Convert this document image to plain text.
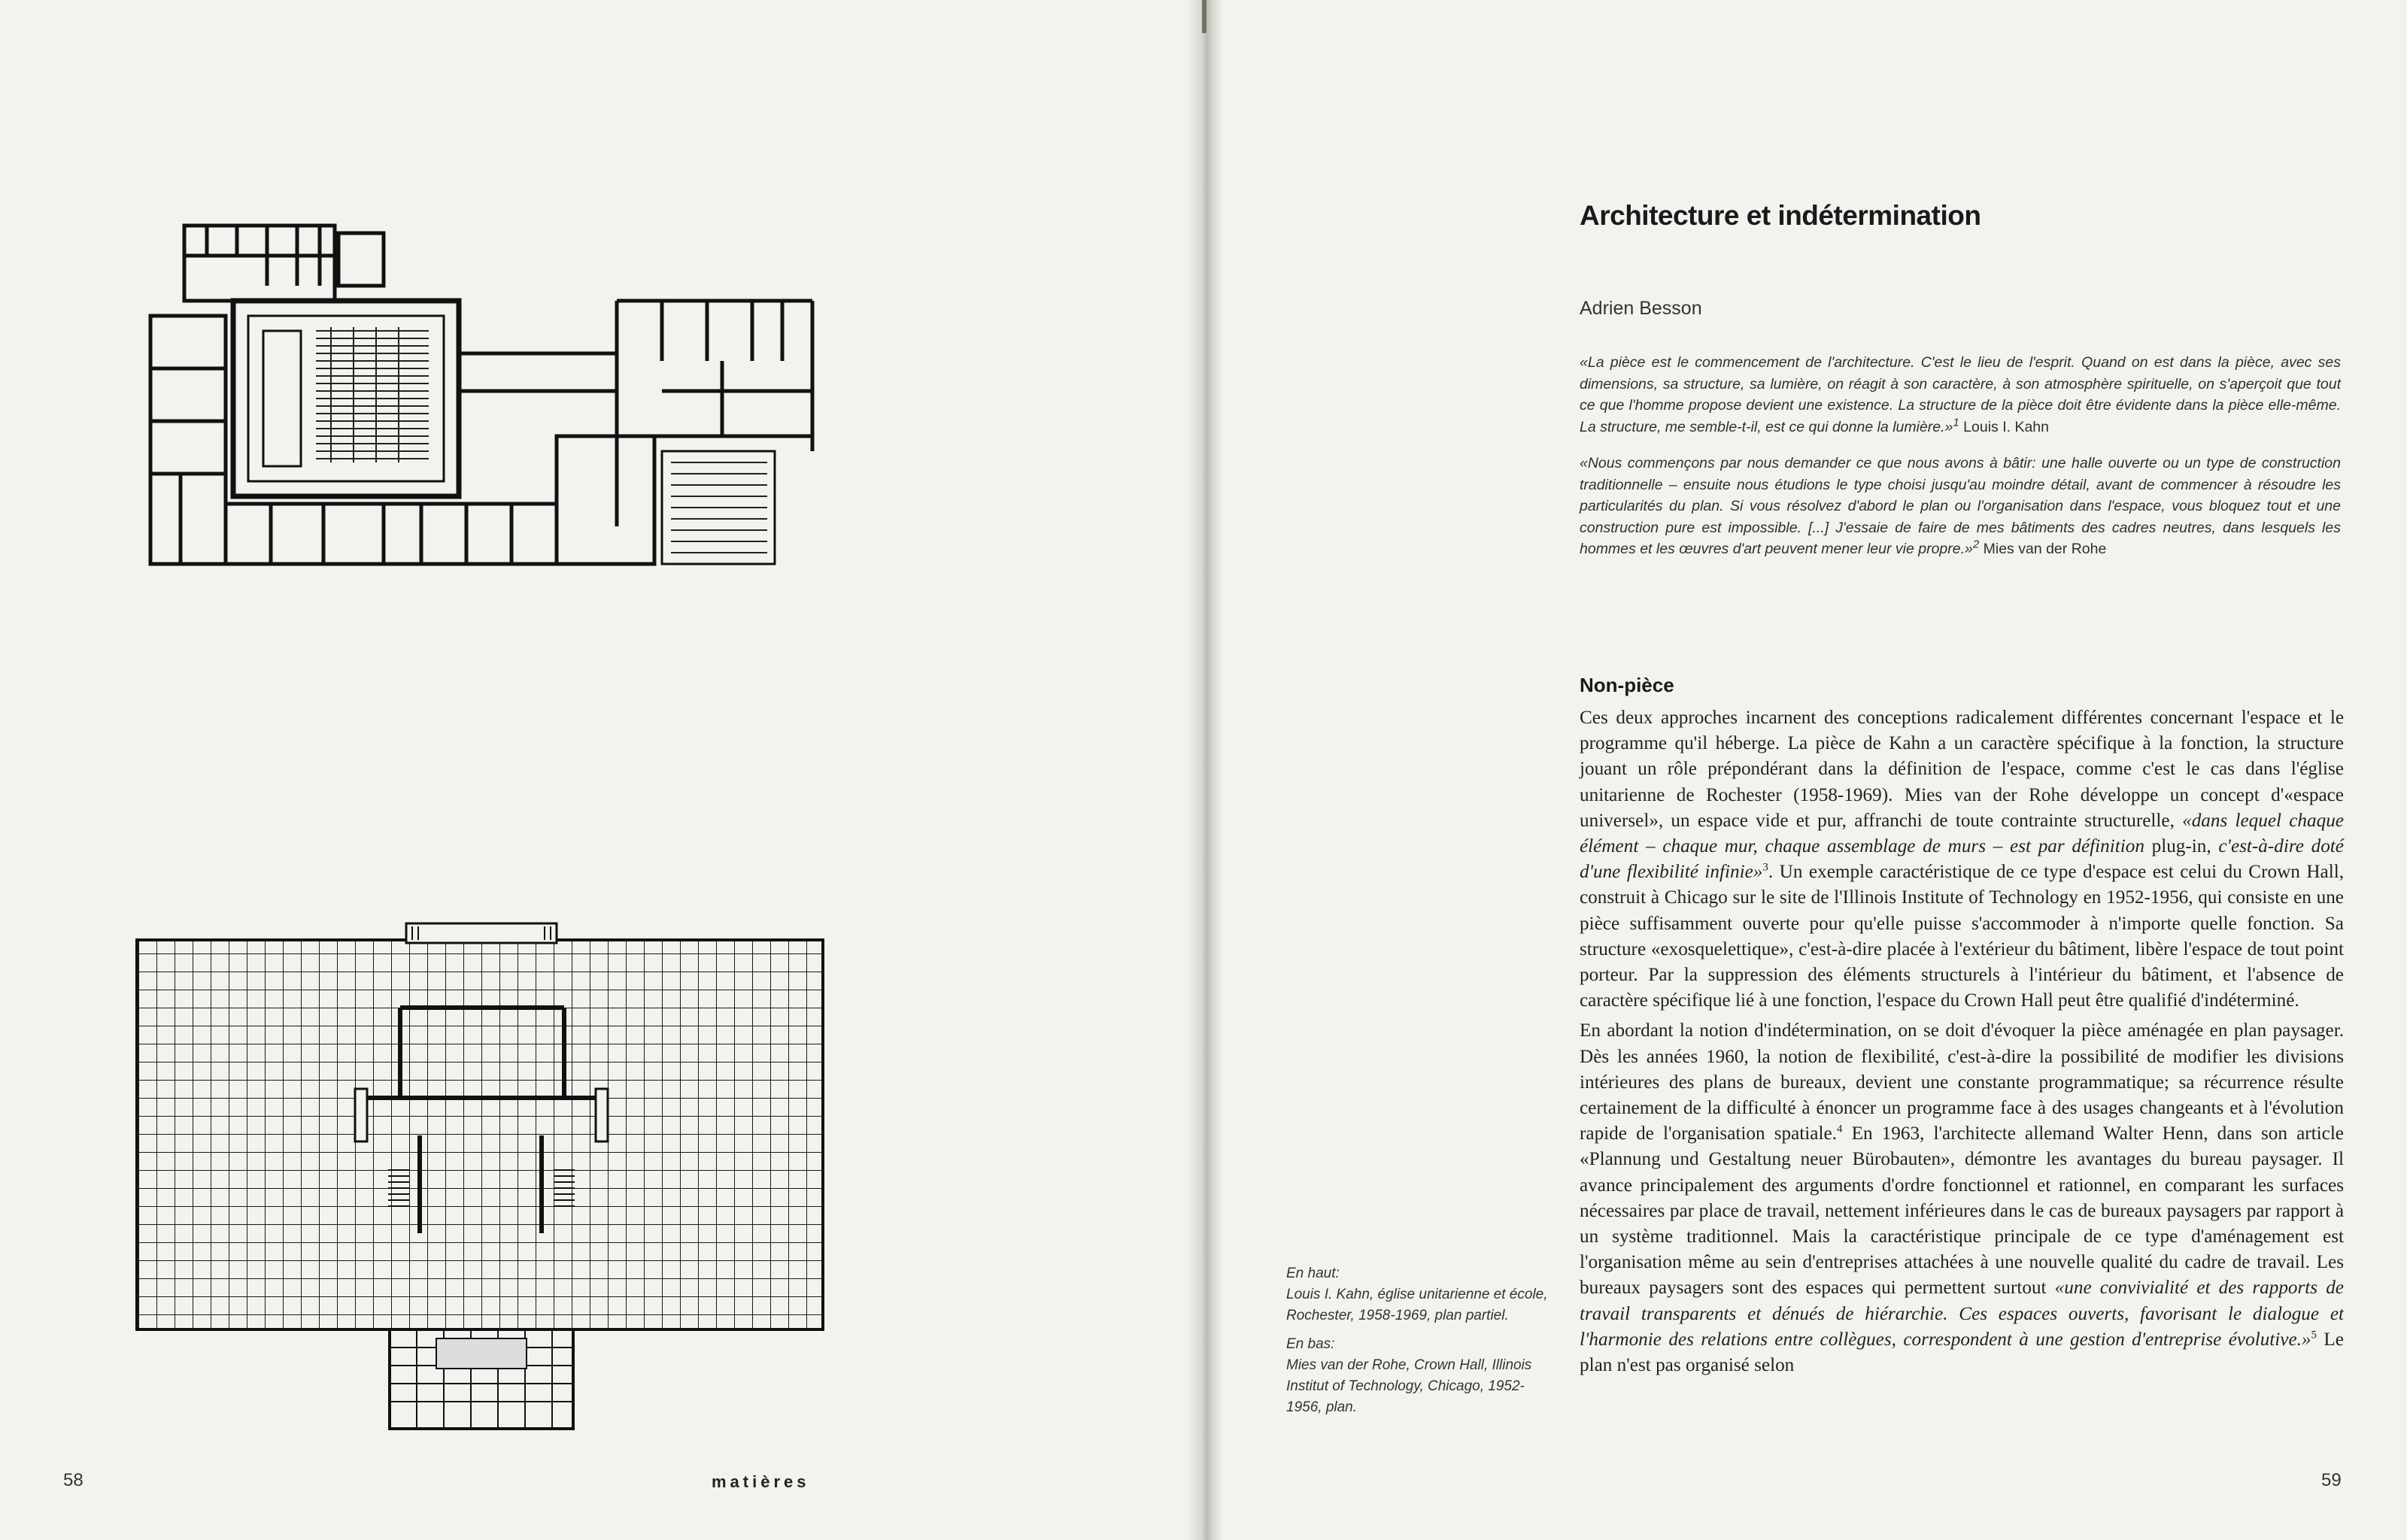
En haut:
Louis I. Kahn, église unitarienne et école, Rochester, 1958-1969, plan partiel.

En bas:
Mies van der Rohe, Crown Hall, Illinois Institut of Technology, Chicago, 1952-1956, plan.

58	matières	59
Architecture et indétermination
Adrien Besson
«La pièce est le commencement de l'architecture. C'est le lieu de l'esprit. Quand on est dans la pièce, avec ses dimensions, sa structure, sa lumière, on réagit à son caractère, à son atmosphère spirituelle, on s'aperçoit que tout ce que l'homme propose devient une existence. La structure de la pièce doit être évidente dans la pièce elle-même. La structure, me semble-t-il, est ce qui donne la lumière.»$^1$ Louis I. Kahn
«Nous commençons par nous demander ce que nous avons à bâtir: une halle ouverte ou un type de construction traditionnelle – ensuite nous étudions le type choisi jusqu'au moindre détail, avant de commencer à résoudre les particularités du plan. Si vous résolvez d'abord le plan ou l'organisation dans l'espace, vous bloquez tout et une construction pure est impossible. [...] J'essaie de faire de mes bâtiments des cadres neutres, dans lesquels les hommes et les œuvres d'art peuvent mener leur vie propre.»$^2$ Mies van der Rohe
Non-pièce

Ces deux approches incarnent des conceptions radicalement différentes concernant l'espace et le programme qu'il héberge. La pièce de Kahn a un caractère spécifique à la fonction, la structure jouant un rôle prépondérant dans la définition de l'espace, comme c'est le cas dans l'église unitarienne de Rochester (1958-1969). Mies van der Rohe développe un concept d'«espace universel», un espace vide et pur, affranchi de toute contrainte structurelle, «dans lequel chaque élément – chaque mur, chaque assemblage de murs – est par définition plug-in, c'est-à-dire doté d'une flexibilité infinie»$^3$. Un exemple caractéristique de ce type d'espace est celui du Crown Hall, construit à Chicago sur le site de l'Illinois Institute of Technology en 1952-1956, qui consiste en une pièce suffisamment ouverte pour qu'elle puisse s'accommoder à n'importe quelle fonction. Sa structure «exosquelettique», c'est-à-dire placée à l'extérieur du bâtiment, libère l'espace de tout point porteur. Par la suppression des éléments structurels à l'intérieur du bâtiment, et l'absence de caractère spécifique lié à une fonction, l'espace du Crown Hall peut être qualifié d'indéterminé.

En abordant la notion d'indétermination, on se doit d'évoquer la pièce aménagée en plan paysager. Dès les années 1960, la notion de flexibilité, c'est-à-dire la possibilité de modifier les divisions intérieures des plans de bureaux, devient une constante programmatique; sa récurrence résulte certainement de la difficulté à énoncer un programme face à des usages changeants et à l'évolution rapide de l'organisation spatiale.$^4$ En 1963, l'architecte allemand Walter Henn, dans son article «Plannung und Gestaltung neuer Bürobauten», démontre les avantages du bureau paysager. Il avance principalement des arguments d'ordre fonctionnel et rationnel, en comparant les surfaces nécessaires par place de travail, nettement inférieures dans le cas de bureaux paysagers par rapport à un système traditionnel. Mais la caractéristique principale de ce type d'aménagement est l'organisation même au sein d'entreprises attachées à une nouvelle qualité du cadre de travail. Les bureaux paysagers sont des espaces qui permettent surtout «une convivialité et des rapports de travail transparents et dénués de hiérarchie. Ces espaces ouverts, favorisant le dialogue et l'harmonie des relations entre collègues, correspondent à une gestion d'entreprise évolutive.»$^5$ Le plan n'est pas organisé selon
